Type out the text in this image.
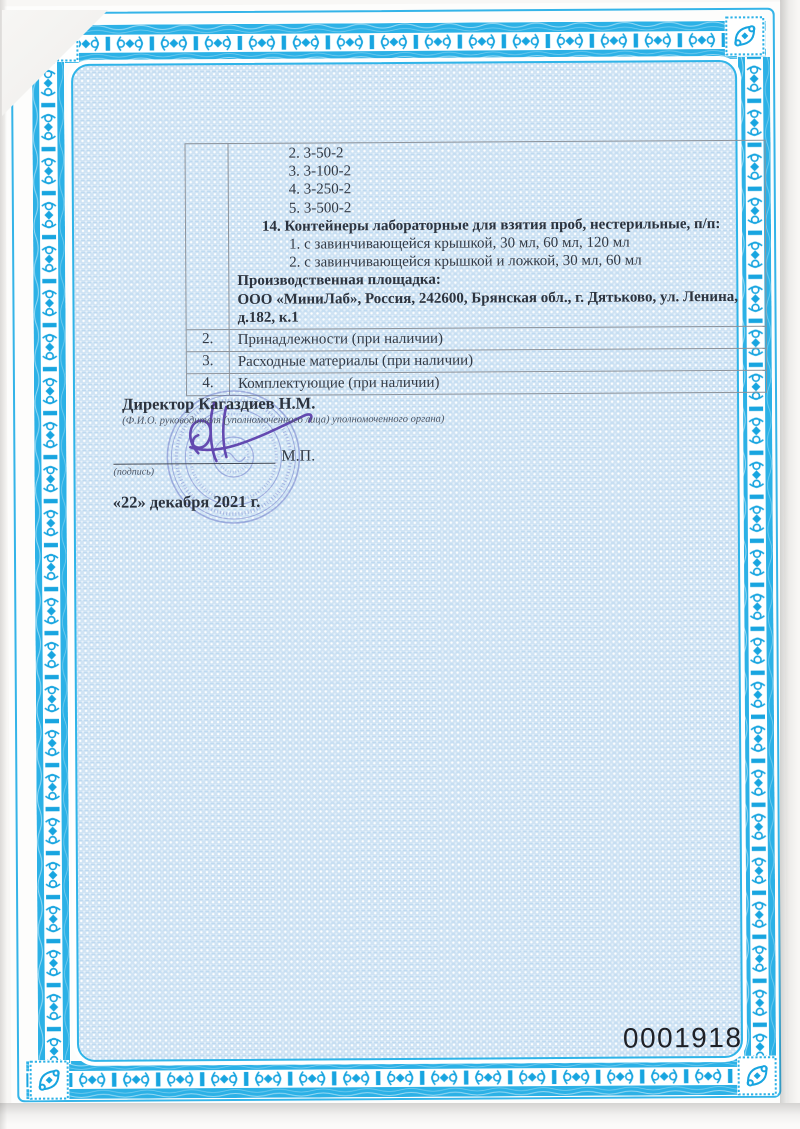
2. 3-50-2
3. 3-100-2
4. 3-250-2
5. 3-500-2
14. Контейнеры лабораторные для взятия проб, нестерильные, п/п:
1. с завинчивающейся крышкой, 30 мл, 60 мл, 120 мл
2. с завинчивающейся крышкой и ложкой, 30 мл, 60 мл
Производственная площадка:
ООО «МиниЛаб», Россия, 242600, Брянская обл., г. Дятьково, ул. Ленина,
д.182, к.1
2.	Принадлежности (при наличии)
3.	Расходные материалы (при наличии)
4.	Комплектующие (при наличии)
Директор Кагаздиев Н.М.
(Ф.И.О. руководителя (уполномоченного лица) уполномоченного органа)
М.П.
(подпись)
«22» декабря 2021 г.
0001918
